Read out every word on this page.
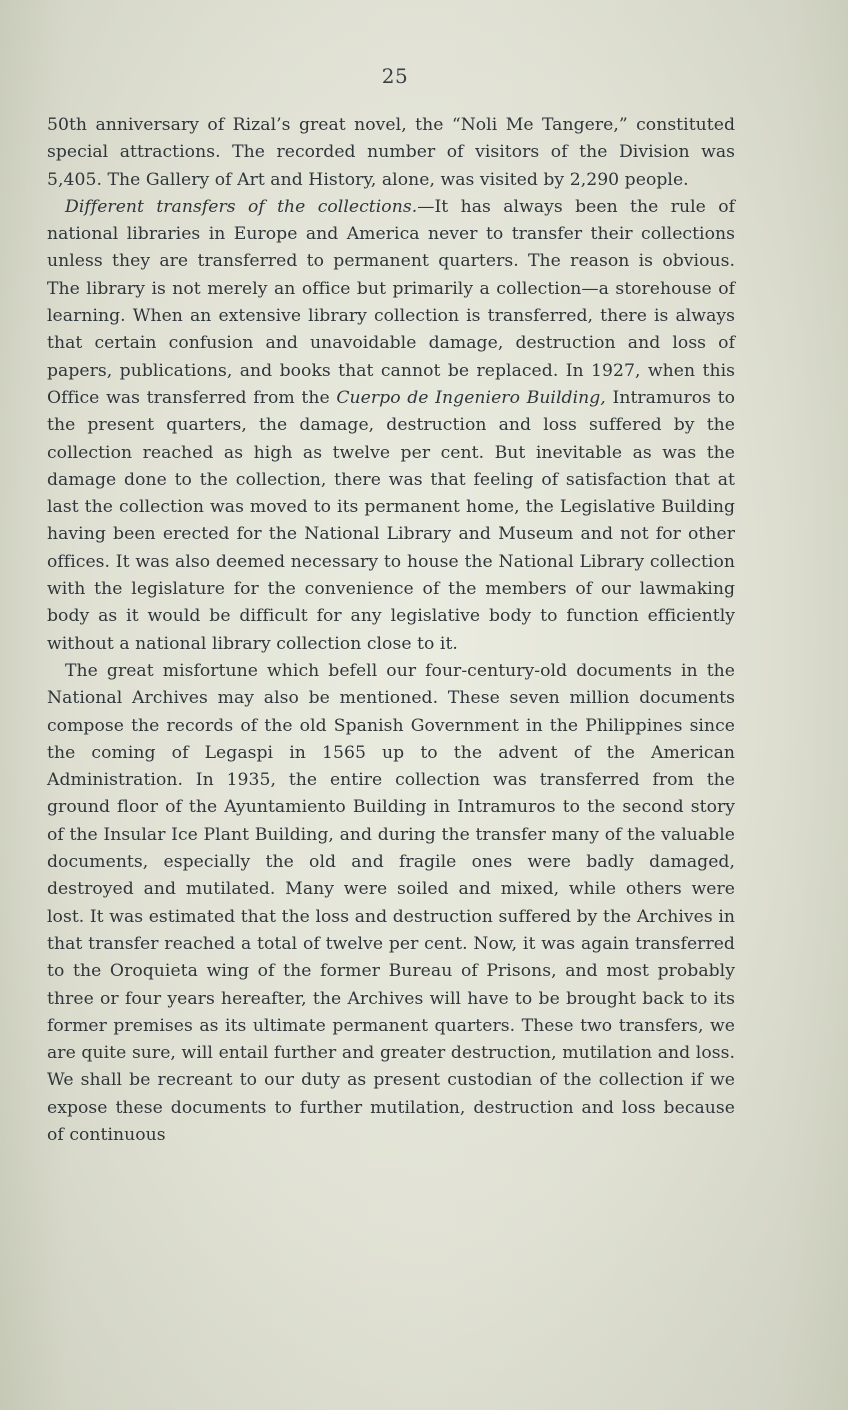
25

50th anniversary of Rizal’s great novel, the “Noli Me Tangere,” constituted special attractions. The recorded number of visitors of the Division was 5,405. The Gallery of Art and History, alone, was visited by 2,290 people.

Different transfers of the collections.—It has always been the rule of national libraries in Europe and America never to transfer their collections unless they are transferred to permanent quarters. The reason is obvious. The library is not merely an office but primarily a collection—a storehouse of learning. When an extensive library collection is transferred, there is always that certain confusion and unavoidable damage, destruction and loss of papers, publications, and books that cannot be replaced. In 1927, when this Office was transferred from the Cuerpo de Ingeniero Building, Intramuros to the present quarters, the damage, destruction and loss suffered by the collection reached as high as twelve per cent. But inevitable as was the damage done to the collection, there was that feeling of satisfaction that at last the collection was moved to its permanent home, the Legislative Building having been erected for the National Library and Museum and not for other offices. It was also deemed necessary to house the National Library collection with the legislature for the convenience of the members of our lawmaking body as it would be difficult for any legislative body to function efficiently without a national library collection close to it.

The great misfortune which befell our four-century-old documents in the National Archives may also be mentioned. These seven million documents compose the records of the old Spanish Government in the Philippines since the coming of Legaspi in 1565 up to the advent of the American Administration. In 1935, the entire collection was transferred from the ground floor of the Ayuntamiento Building in Intramuros to the second story of the Insular Ice Plant Building, and during the transfer many of the valuable documents, especially the old and fragile ones were badly damaged, destroyed and mutilated. Many were soiled and mixed, while others were lost. It was estimated that the loss and destruction suffered by the Archives in that transfer reached a total of twelve per cent. Now, it was again transferred to the Oroquieta wing of the former Bureau of Prisons, and most probably three or four years hereafter, the Archives will have to be brought back to its former premises as its ultimate permanent quarters. These two transfers, we are quite sure, will entail further and greater destruction, mutilation and loss. We shall be recreant to our duty as present custodian of the collection if we expose these documents to further mutilation, destruction and loss because of continuous
